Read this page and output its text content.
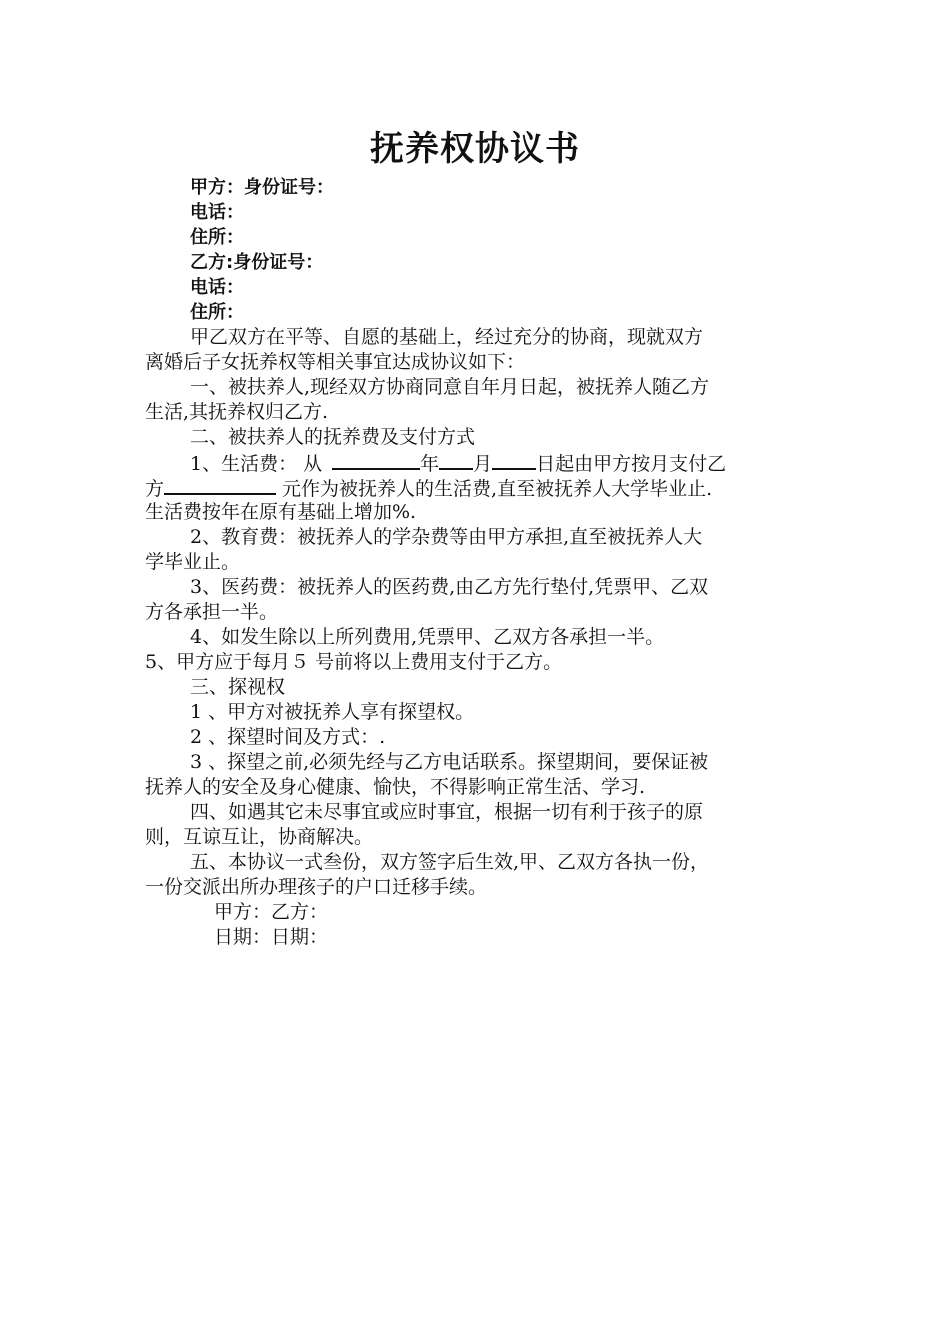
抚养权协议书
甲方：身份证号：
电话：
住所：
乙方:身份证号：
电话：
住所：
甲乙双方在平等、自愿的基础上，经过充分的协商，现就双方
离婚后子女抚养权等相关事宜达成协议如下：
一、被扶养人,现经双方协商同意自年月日起，被抚养人随乙方
生活,其抚养权归乙方.
二、被扶养人的抚养费及支付方式
1、生活费： 从	年 月 日起由甲方按月支付乙
方	元作为被抚养人的生活费,直至被抚养人大学毕业止.
生活费按年在原有基础上增加%.
2、教育费：被抚养人的学杂费等由甲方承担,直至被抚养人大
学毕业止。
3、医药费：被抚养人的医药费,由乙方先行垫付,凭票甲、乙双
方各承担一半。
4、如发生除以上所列费用,凭票甲、乙双方各承担一半。
5、甲方应于每月５ 号前将以上费用支付于乙方。
三、探视权
1 、甲方对被抚养人享有探望权。
2 、探望时间及方式：.
3 、探望之前,必须先经与乙方电话联系。探望期间，要保证被
抚养人的安全及身心健康、愉快，不得影响正常生活、学习.
四、如遇其它未尽事宜或应时事宜，根据一切有利于孩子的原
则，互谅互让，协商解决。
五、本协议一式叁份，双方签字后生效,甲、乙双方各执一份，
一份交派出所办理孩子的户口迁移手续。
甲方：乙方：
日期：日期：
